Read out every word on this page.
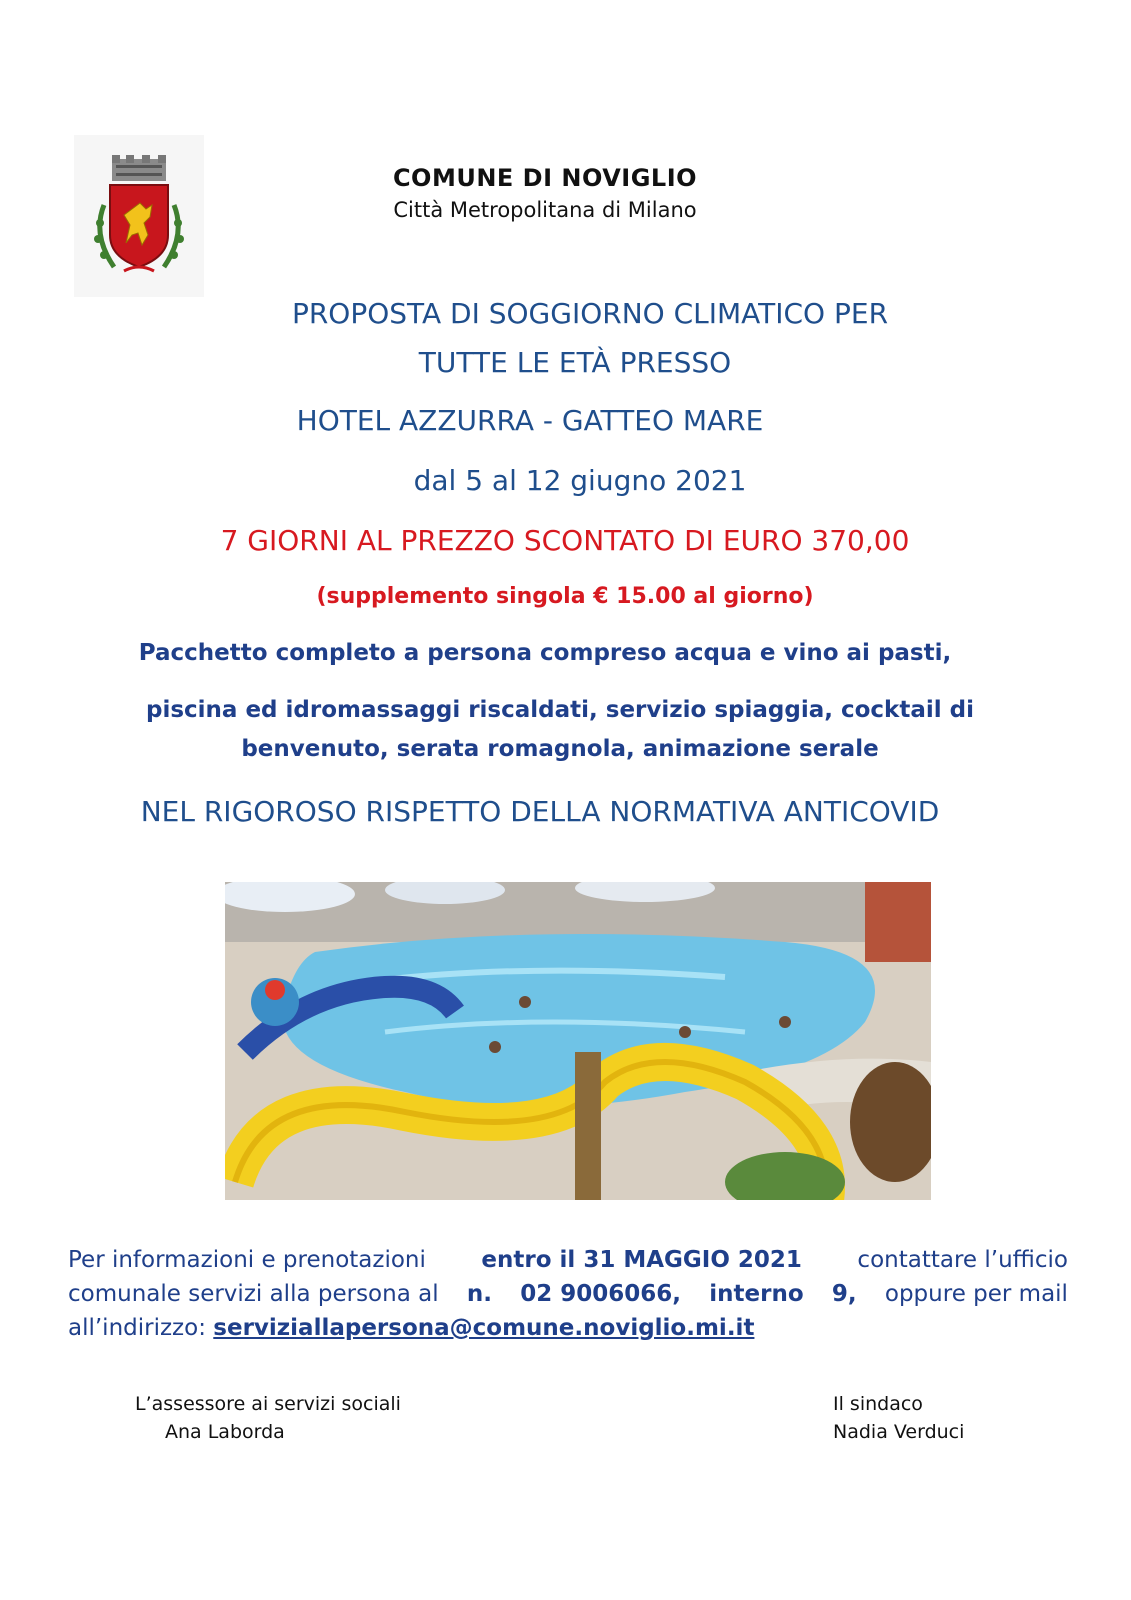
COMUNE DI NOVIGLIO
Città Metropolitana di Milano
PROPOSTA DI SOGGIORNO CLIMATICO PER
TUTTE LE ETÀ PRESSO
HOTEL AZZURRA - GATTEO MARE
dal 5 al 12 giugno 2021
7 GIORNI AL PREZZO SCONTATO DI EURO 370,00
(supplemento singola € 15.00 al giorno)
Pacchetto completo a persona compreso acqua e vino ai pasti,
piscina ed idromassaggi riscaldati, servizio spiaggia, cocktail di
benvenuto, serata romagnola, animazione serale
NEL RIGOROSO RISPETTO DELLA NORMATIVA ANTICOVID
Per informazioni e prenotazioni entro il 31 MAGGIO 2021 contattare l’ufficio
comunale servizi alla persona al n. 02 9006066, interno 9, oppure per mail
all’indirizzo: serviziallapersona@comune.noviglio.mi.it
L’assessore ai servizi sociali
Ana Laborda
Il sindaco
Nadia Verduci
